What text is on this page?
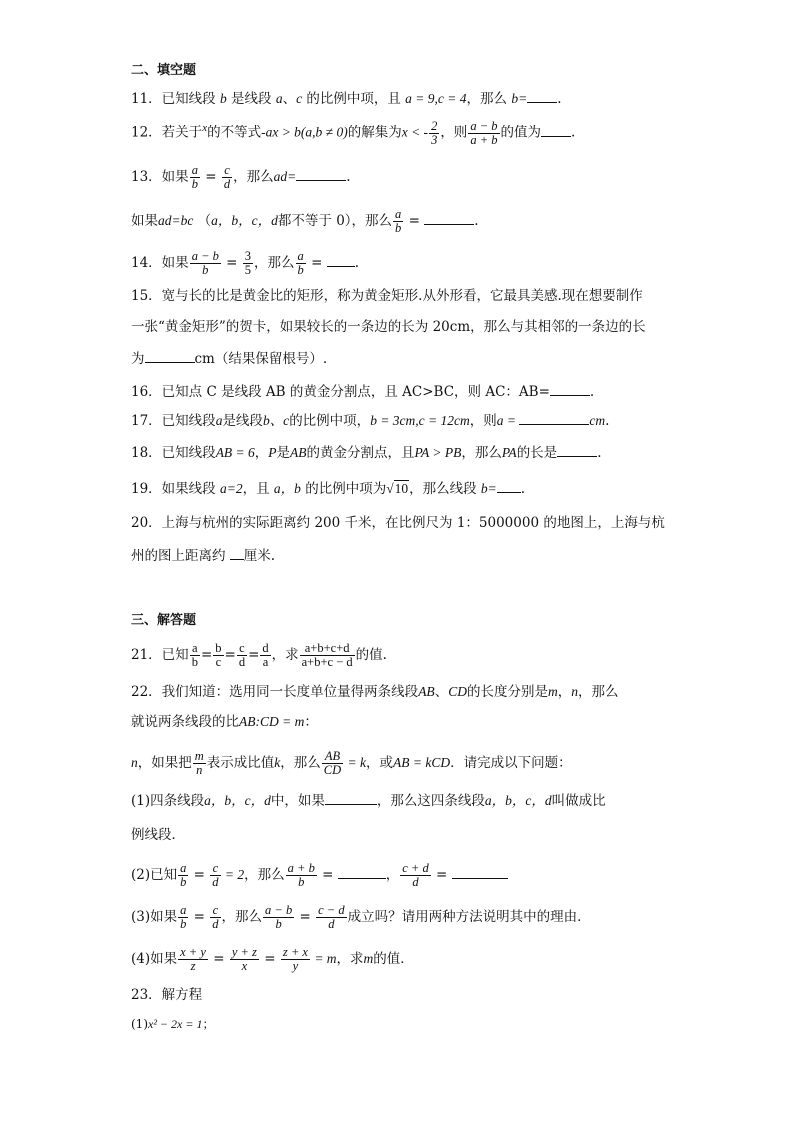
二、填空题
11．已知线段 b 是线段 a、c 的比例中项，且 a = 9,c = 4，那么 b= .
12．若关于$^x$的不等式-ax > b(a,b ≠ 0)的解集为x < - $\frac{2}{3}$ ，则 $\frac{a - b}{a + b}$ 的值为 .
13．如果 $\frac{a}{b} = \frac{c}{d}$ ，那么ad=	.
如果ad=bc （a，b，c，d都不等于 0），那么 $\frac{a}{b}$ =	.
14．如果 $\frac{a - b}{b} = \frac{3}{5}$ ，那么 $\frac{a}{b}$ = .
15．宽与长的比是黄金比的矩形，称为黄金矩形.从外形看，它最具美感.现在想要制作
一张“黄金矩形”的贺卡，如果较长的一条边的长为 20cm，那么与其相邻的一条边的长
为	cm（结果保留根号）.
16．已知点 C 是线段 AB 的黄金分割点，且 AC>BC，则 AC：AB=	.
17．已知线段a是线段b、c的比例中项，b = 3cm,c = 12cm，则a =	cm.
18．已知线段AB = 6，P是AB的黄金分割点，且PA > PB，那么PA的长是	.
19．如果线段 a=2，且 a，b 的比例中项为√10，那么线段 b= .
20．上海与杭州的实际距离约 200 千米，在比例尺为 1：5000000 的地图上，上海与杭
州的图上距离约 厘米.
三、解答题
21．已知 $\frac{a}{b} = \frac{b}{c} = \frac{c}{d} = \frac{d}{a}$ ，求 $\frac{a+b+c+d}{a+b+c - d}$ 的值.
22．我们知道：选用同一长度单位量得两条线段AB、CD的长度分别是m，n，那么
就说两条线段的比AB:CD = m：
n，如果把 $\frac{m}{n}$ 表示成比值k，那么 $\frac{AB}{CD} = k$，或AB = kCD．请完成以下问题：
(1)四条线段a，b，c，d中，如果	，那么这四条线段a，b，c，d叫做成比
例线段．
(2)已知 $\frac{a}{b} = \frac{c}{d} = 2$，那么 $\frac{a + b}{b}$ =	， $\frac{c + d}{d}$ =
(3)如果 $\frac{a}{b} = \frac{c}{d}$ ，那么 $\frac{a - b}{b} = \frac{c - d}{d}$ 成立吗？请用两种方法说明其中的理由．
(4)如果 $\frac{x + y}{z} = \frac{y + z}{x} = \frac{z + x}{y} = m$，求m的值．
23．解方程
(1)x² − 2x = 1；
